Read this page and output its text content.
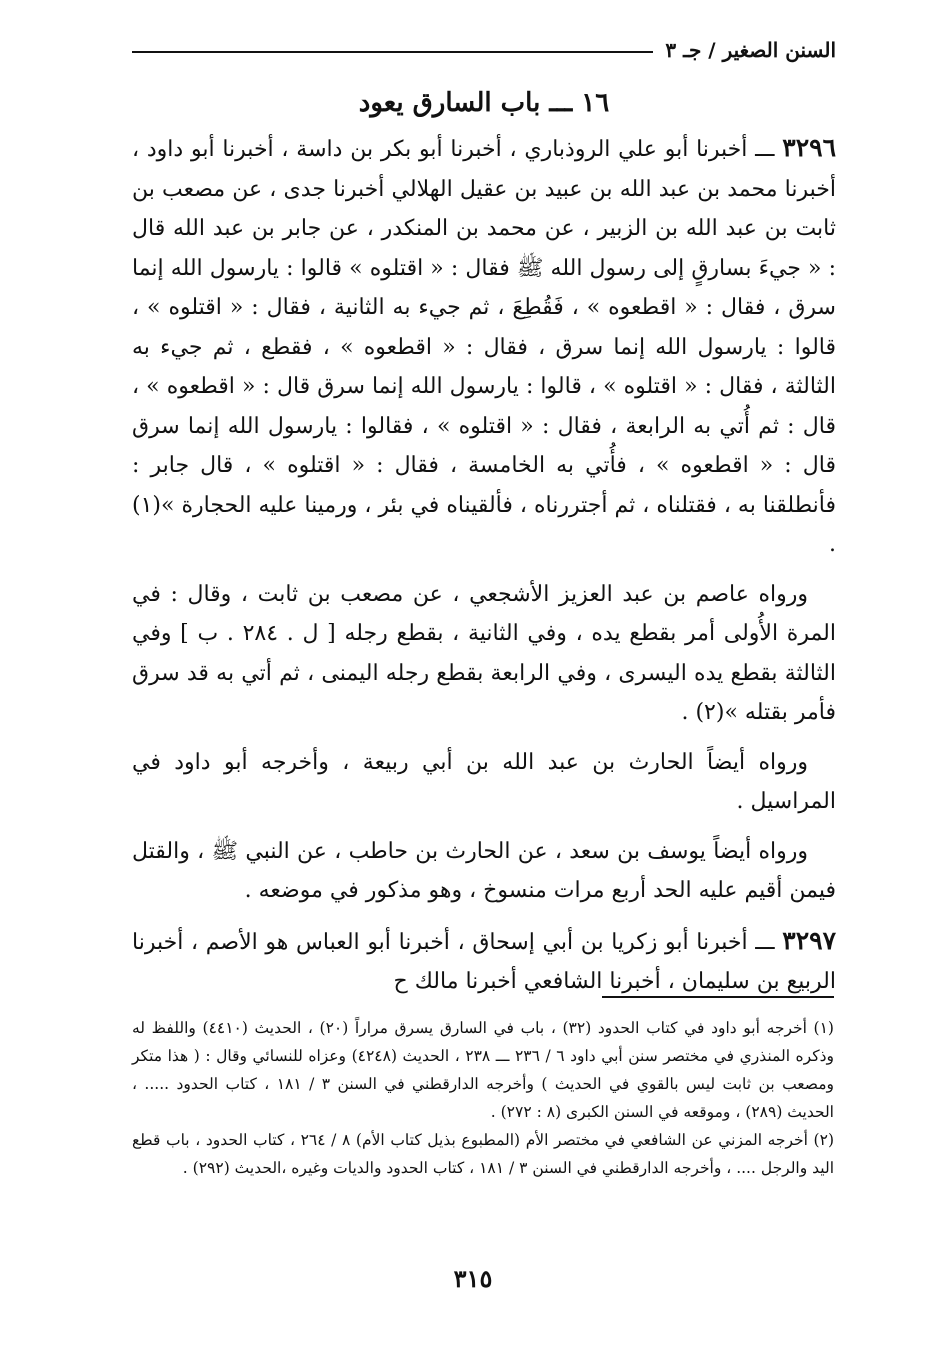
السنن الصغير / جـ ٣
١٦ ـــ باب السارق يعود

٣٢٩٦ ـــ أخبرنا أبو علي الروذباري ، أخبرنا أبو بكر بن داسة ، أخبرنا أبو داود ، أخبرنا محمد بن عبد الله بن عبيد بن عقيل الهلالي أخبرنا جدى ، عن مصعب بن ثابت بن عبد الله بن الزبير ، عن محمد بن المنكدر ، عن جابر بن عبد الله قال : « جيءَ بسارقٍ إلى رسول الله ﷺ فقال : « اقتلوه » قالوا : يارسول الله إنما سرق ، فقال : « اقطعوه » ، فَقُطِعَ ، ثم جيء به الثانية ، فقال : « اقتلوه » ، قالوا : يارسول الله إنما سرق ، فقال : « اقطعوه » ، فقطع ، ثم جيء به الثالثة ، فقال : « اقتلوه » ، قالوا : يارسول الله إنما سرق قال : « اقطعوه » ، قال : ثم أُتي به الرابعة ، فقال : « اقتلوه » ، فقالوا : يارسول الله إنما سرق قال : « اقطعوه » ، فأُتي به الخامسة ، فقال : « اقتلوه » ، قال جابر : فأنطلقنا به ، فقتلناه ، ثم أجتررناه ، فألقيناه في بئر ، ورمينا عليه الحجارة »(١) .

ورواه عاصم بن عبد العزيز الأشجعي ، عن مصعب بن ثابت ، وقال : في المرة الأُولى أمر بقطع يده ، وفي الثانية ، بقطع رجله [ ل . ٢٨٤ . ب ] وفي الثالثة بقطع يده اليسرى ، وفي الرابعة بقطع رجله اليمنى ، ثم أتي به قد سرق فأمر بقتله »(٢) .

ورواه أيضاً الحارث بن عبد الله بن أبي ربيعة ، وأخرجه أبو داود في المراسيل .

ورواه أيضاً يوسف بن سعد ، عن الحارث بن حاطب ، عن النبي ﷺ ، والقتل فيمن أقيم عليه الحد أربع مرات منسوخ ، وهو مذكور في موضعه .

٣٢٩٧ ـــ أخبرنا أبو زكريا بن أبي إسحاق ، أخبرنا أبو العباس هو الأصم ، أخبرنا الربيع بن سليمان ، أخبرنا الشافعي أخبرنا مالك ح

(١) أخرجه أبو داود في كتاب الحدود (٣٢) ، باب في السارق يسرق مراراً (٢٠) ، الحديث (٤٤١٠) واللفظ له وذكره المنذري في مختصر سنن أبي داود ٦ / ٢٣٦ ـــ ٢٣٨ ، الحديث (٤٢٤٨) وعزاه للنسائي وقال : ( هذا متكر ومصعب بن ثابت ليس بالقوي في الحديث ) وأخرجه الدارقطني في السنن ٣ / ١٨١ ، كتاب الحدود ..... ، الحديث (٢٨٩) ، وموقعه في السنن الكبرى (٨ : ٢٧٢) .

(٢) أخرجه المزني عن الشافعي في مختصر الأم (المطبوع بذيل كتاب الأم) ٨ / ٢٦٤ ، كتاب الحدود ، باب قطع اليد والرجل .... ، وأخرجه الدارقطني في السنن ٣ / ١٨١ ، كتاب الحدود والديات وغيره ،الحديث (٢٩٢) .

٣١٥
